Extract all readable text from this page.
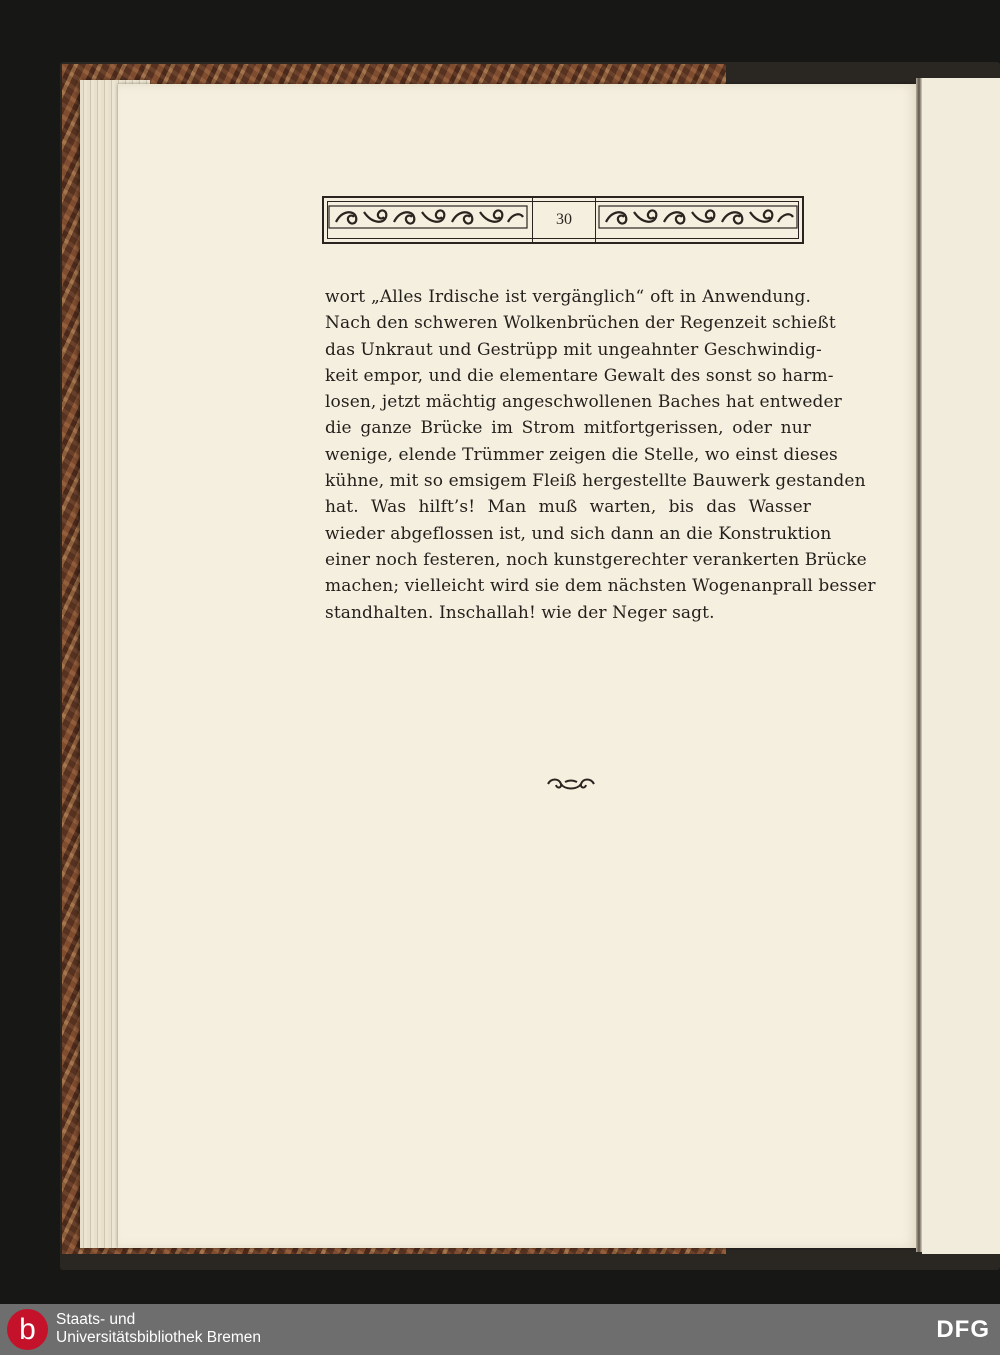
30
wort „Alles Irdische ist vergänglich“ oft in Anwendung.
Nach den schweren Wolkenbrüchen der Regenzeit schießt
das Unkraut und Gestrüpp mit ungeahnter Geschwindig-
keit empor, und die elementare Gewalt des sonst so harm-
losen, jetzt mächtig angeschwollenen Baches hat entweder
die ganze Brücke im Strom mitfortgerissen, oder nur
wenige, elende Trümmer zeigen die Stelle, wo einst dieses
kühne, mit so emsigem Fleiß hergestellte Bauwerk gestanden
hat. Was hilft’s! Man muß warten, bis das Wasser
wieder abgeflossen ist, und sich dann an die Konstruktion
einer noch festeren, noch kunstgerechter verankerten Brücke
machen; vielleicht wird sie dem nächsten Wogenanprall besser
standhalten. Inschallah! wie der Neger sagt.
b Staats- und
Universitätsbibliothek Bremen	DFG
